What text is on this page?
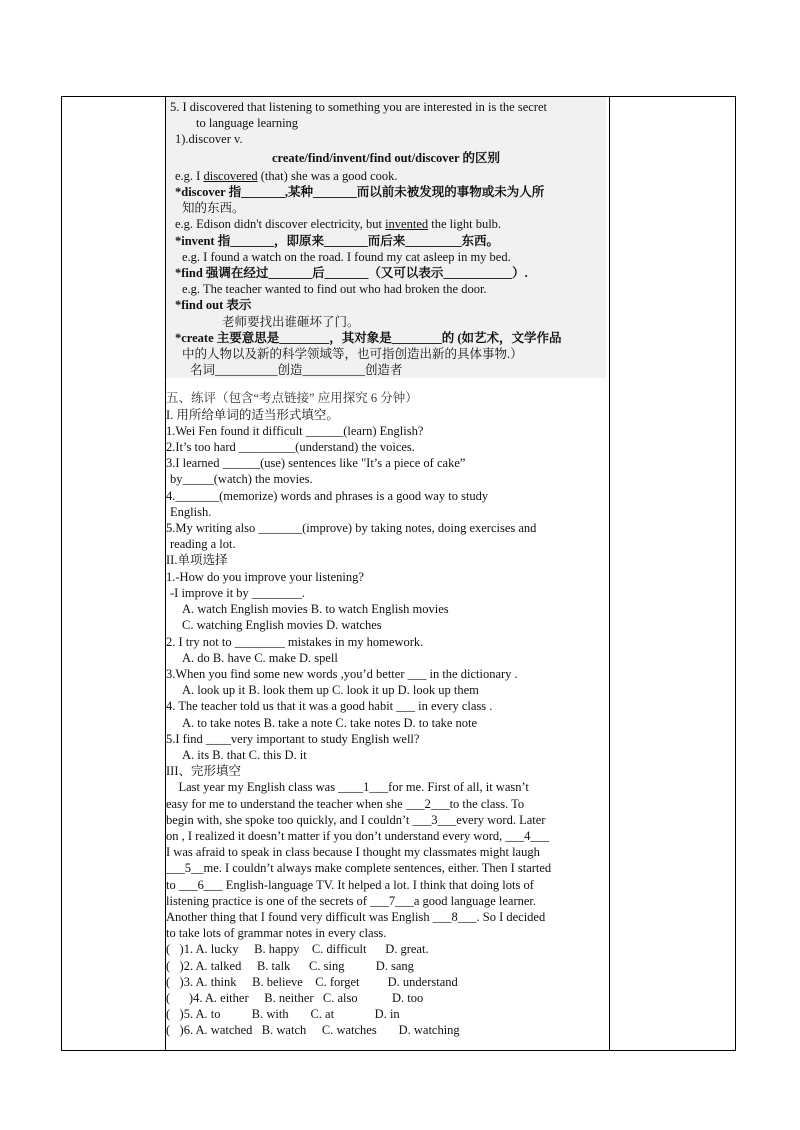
5. I discovered that listening to something you are interested in is the secret
to language learning
1).discover v.
create/find/invent/find out/discover 的区别
e.g. I discovered (that) she was a good cook.
*discover 指_______,某种_______而以前未被发现的事物或未为人所
知的东西。
e.g. Edison didn't discover electricity, but invented the light bulb.
*invent 指_______，即原来_______而后来_________东西。
e.g. I found a watch on the road. I found my cat asleep in my bed.
*find 强调在经过_______后_______（又可以表示___________）.
e.g. The teacher wanted to find out who had broken the door.
*find out 表示
老师要找出谁砸坏了门。
*create 主要意思是________，其对象是________的 (如艺术，文学作品
中的人物以及新的科学领域等，也可指创造出新的具体事物.）
名词__________创造__________创造者
五、练评（包含“考点链接” 应用探究 6 分钟）
I. 用所给单词的适当形式填空。
1.Wei Fen found it difficult ______(learn) English?
2.It’s too hard _________(understand) the voices.
3.I learned ______(use) sentences like "It’s a piece of cake”
by_____(watch) the movies.
4._______(memorize) words and phrases is a good way to study
English.
5.My writing also _______(improve) by taking notes, doing exercises and
reading a lot.
II.单项选择
1.-How do you improve your listening?
-I improve it by ________.
A. watch English movies B. to watch English movies
C. watching English movies D. watches
2. I try not to ________ mistakes in my homework.
A. do B. have C. make D. spell
3.When you find some new words ,you’d better ___ in the dictionary .
A. look up it B. look them up C. look it up D. look up them
4. The teacher told us that it was a good habit ___ in every class .
A. to take notes B. take a note C. take notes D. to take note
5.I find ____very important to study English well?
A. its B. that C. this D. it
III、完形填空
Last year my English class was ____1___for me. First of all, it wasn’t
easy for me to understand the teacher when she ___2___to the class. To
begin with, she spoke too quickly, and I couldn’t ___3___every word. Later
on , I realized it doesn’t matter if you don’t understand every word, ___4___
I was afraid to speak in class because I thought my classmates might laugh
___5__me. I couldn’t always make complete sentences, either. Then I started
to ___6___ English-language TV. It helped a lot. I think that doing lots of
listening practice is one of the secrets of ___7___a good language learner.
Another thing that I found very difficult was English ___8___. So I decided
to take lots of grammar notes in every class.
(   )1. A. lucky     B. happy    C. difficult      D. great.
(   )2. A. talked     B. talk      C. sing          D. sang
(   )3. A. think     B. believe    C. forget         D. understand
(      )4. A. either     B. neither   C. also           D. too
(   )5. A. to          B. with       C. at             D. in
(   )6. A. watched   B. watch     C. watches       D. watching
